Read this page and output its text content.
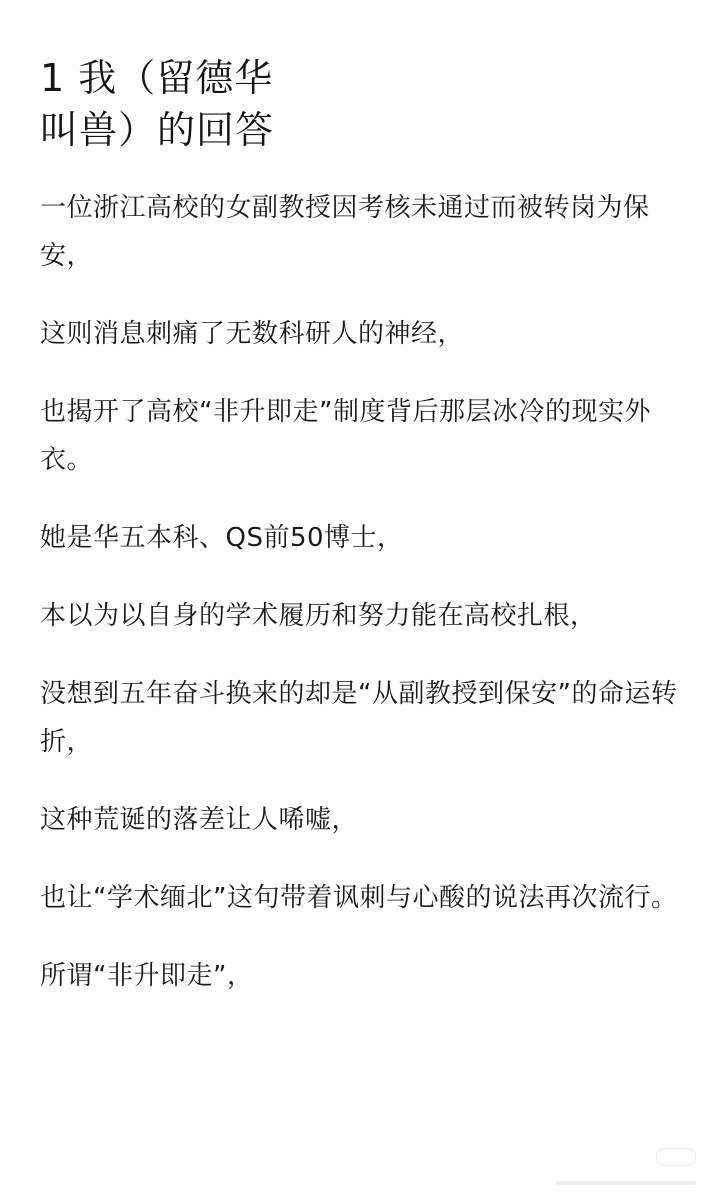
1 我（留德华
叫兽）的回答

一位浙江高校的女副教授因考核未通过而被转岗为保安，

这则消息刺痛了无数科研人的神经，

也揭开了高校“非升即走”制度背后那层冰冷的现实外衣。

她是华五本科、QS前50博士，

本以为以自身的学术履历和努力能在高校扎根，

没想到五年奋斗换来的却是“从副教授到保安”的命运转折，

这种荒诞的落差让人唏嘘，

也让“学术缅北”这句带着讽刺与心酸的说法再次流行。

所谓“非升即走”，
